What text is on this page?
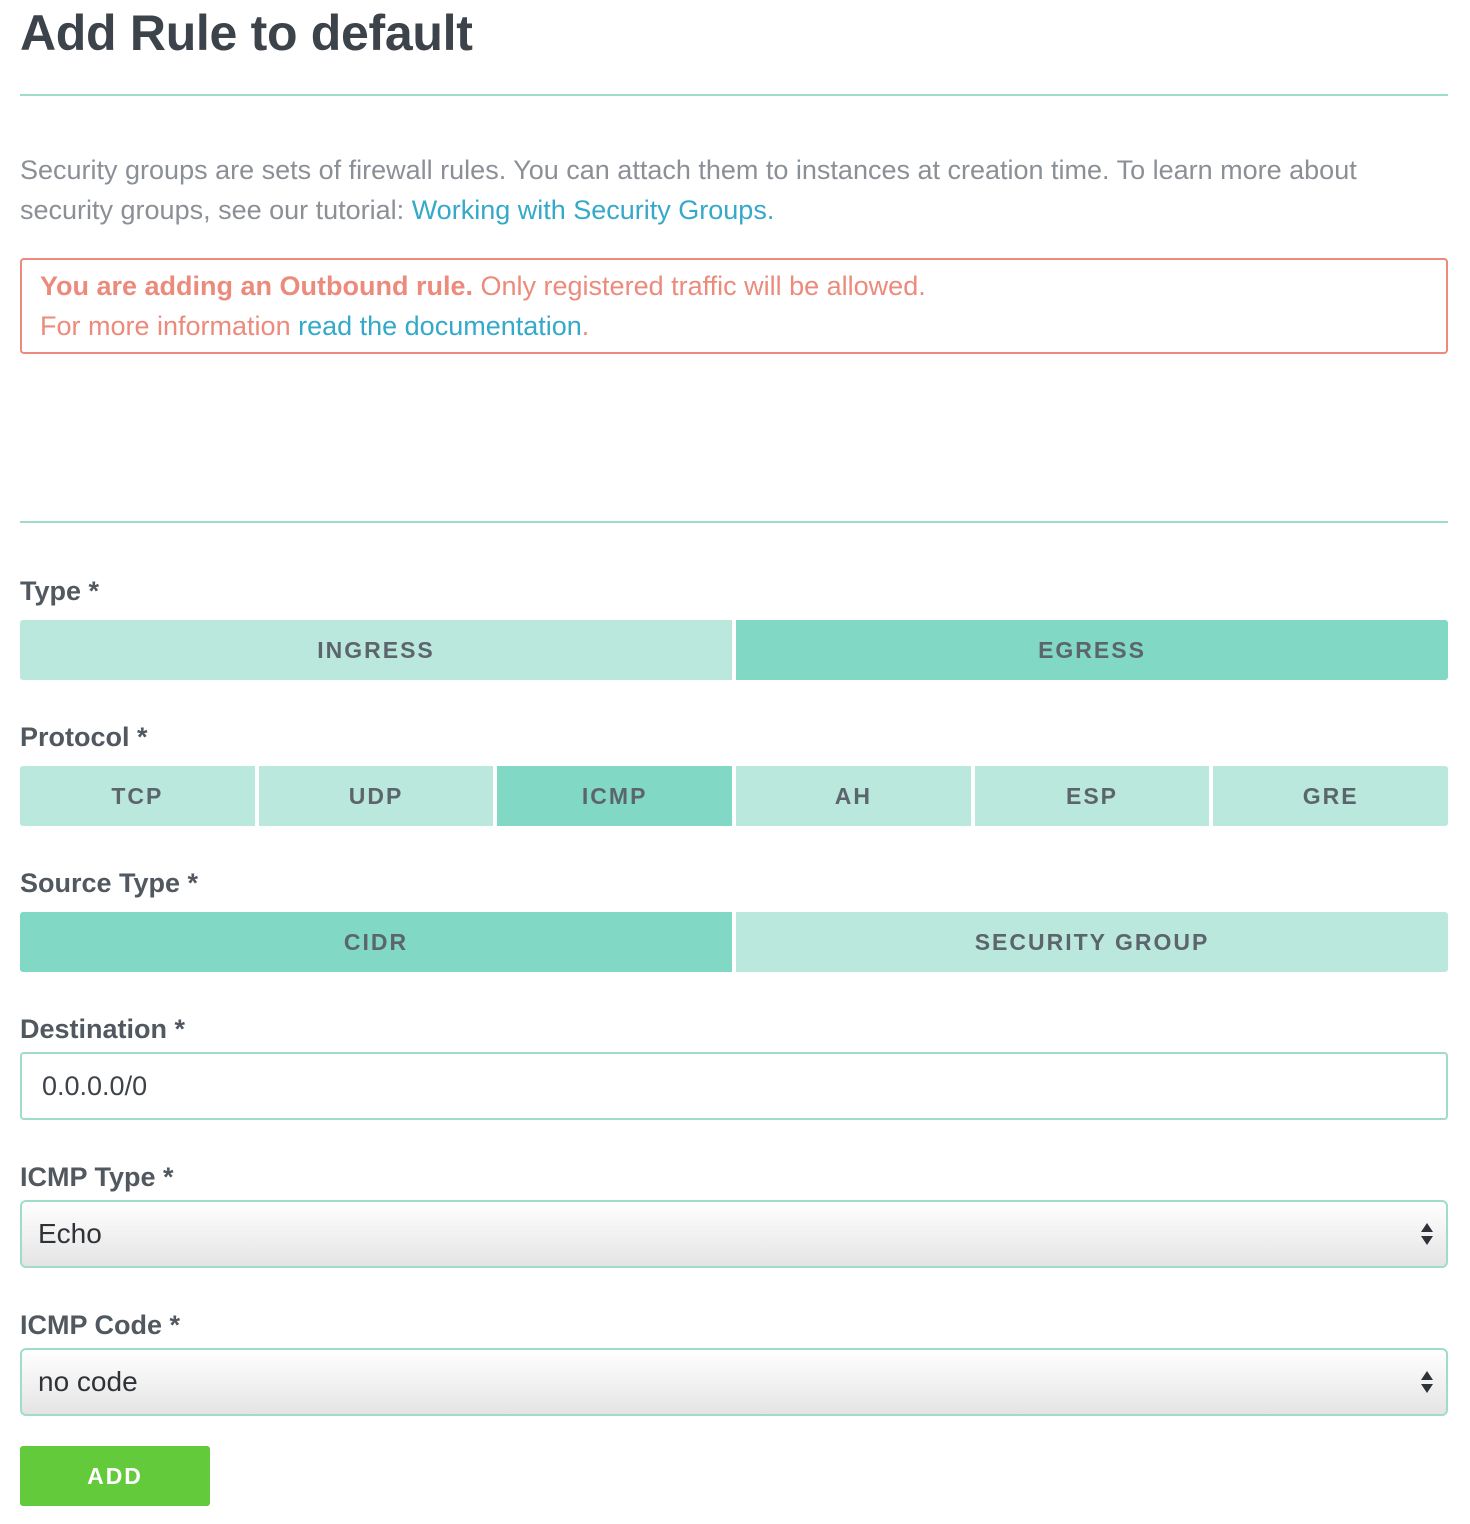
Add Rule to default

Security groups are sets of firewall rules. You can attach them to instances at creation time. To learn more about security groups, see our tutorial: Working with Security Groups.

You are adding an Outbound rule. Only registered traffic will be allowed.
For more information read the documentation.
Type *
INGRESS	EGRESS
Protocol *
TCP	UDP	ICMP	AH	ESP	GRE
Source Type *
CIDR	SECURITY GROUP
Destination *
0.0.0.0/0
ICMP Type *
Echo
ICMP Code *
no code
ADD
